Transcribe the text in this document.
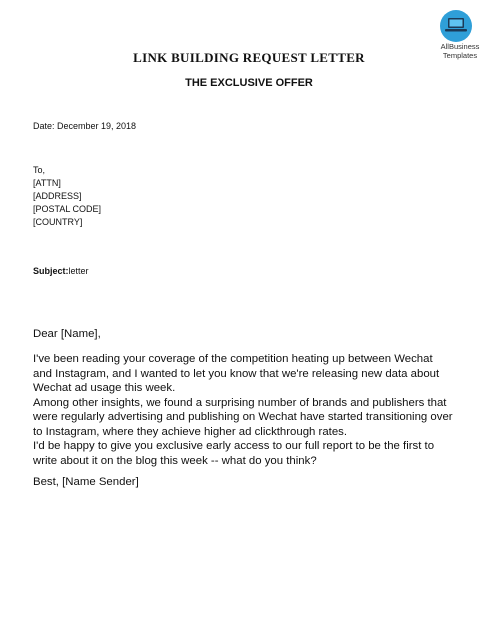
AllBusiness
Templates
LINK BUILDING REQUEST LETTER
THE EXCLUSIVE OFFER
Date: December 19, 2018
To,
[ATTN]
[ADDRESS]
[POSTAL CODE]
[COUNTRY]
Subject:letter
Dear [Name],

I've been reading your coverage of the competition heating up between Wechat and Instagram, and I wanted to let you know that we're releasing new data about Wechat ad usage this week.

Among other insights, we found a surprising number of brands and publishers that were regularly advertising and publishing on Wechat have started transitioning over to Instagram, where they achieve higher ad clickthrough rates.

I'd be happy to give you exclusive early access to our full report to be the first to write about it on the blog this week -- what do you think?

Best, [Name Sender]
